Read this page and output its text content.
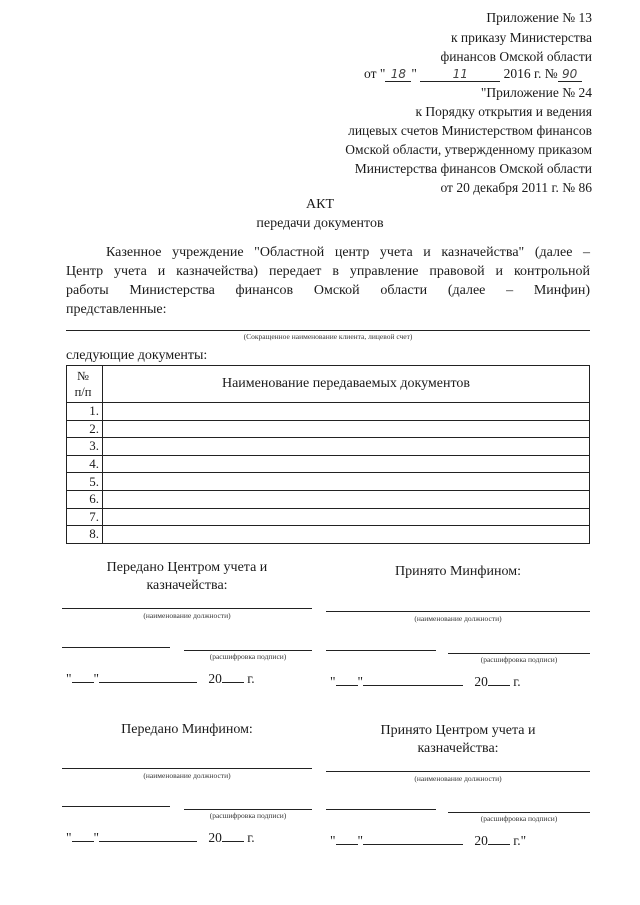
Приложение № 13
к приказу Министерства
финансов Омской области
от " 18 "	11	2016 г. № 90
"Приложение № 24
к Порядку открытия и ведения
лицевых счетов Министерством финансов
Омской области, утвержденному приказом
Министерства финансов Омской области
от 20 декабря 2011 г. № 86
АКТ
передачи документов
Казенное учреждение "Областной центр учета и казначейства" (далее –
Центр учета и казначейства) передает в управление правовой и контрольной
работы Министерства финансов Омской области (далее – Минфин)
представленные:
(Сокращенное наименование клиента, лицевой счет)
следующие документы:
№
п/п	Наименование передаваемых документов
1.	
2.	
3.	
4.	
5.	
6.	
7.	
8.	
Передано Центром учета и
казначейства:
Принято Минфином:
(наименование должности)	(наименование должности)
(расшифровка подписи)	(расшифровка подписи)
" "	20 г.	" "	20 г.
Передано Минфином:	Принято Центром учета и
казначейства:
(наименование должности)	(наименование должности)
(расшифровка подписи)	(расшифровка подписи)
" "	20 г.	" "	20 г."
